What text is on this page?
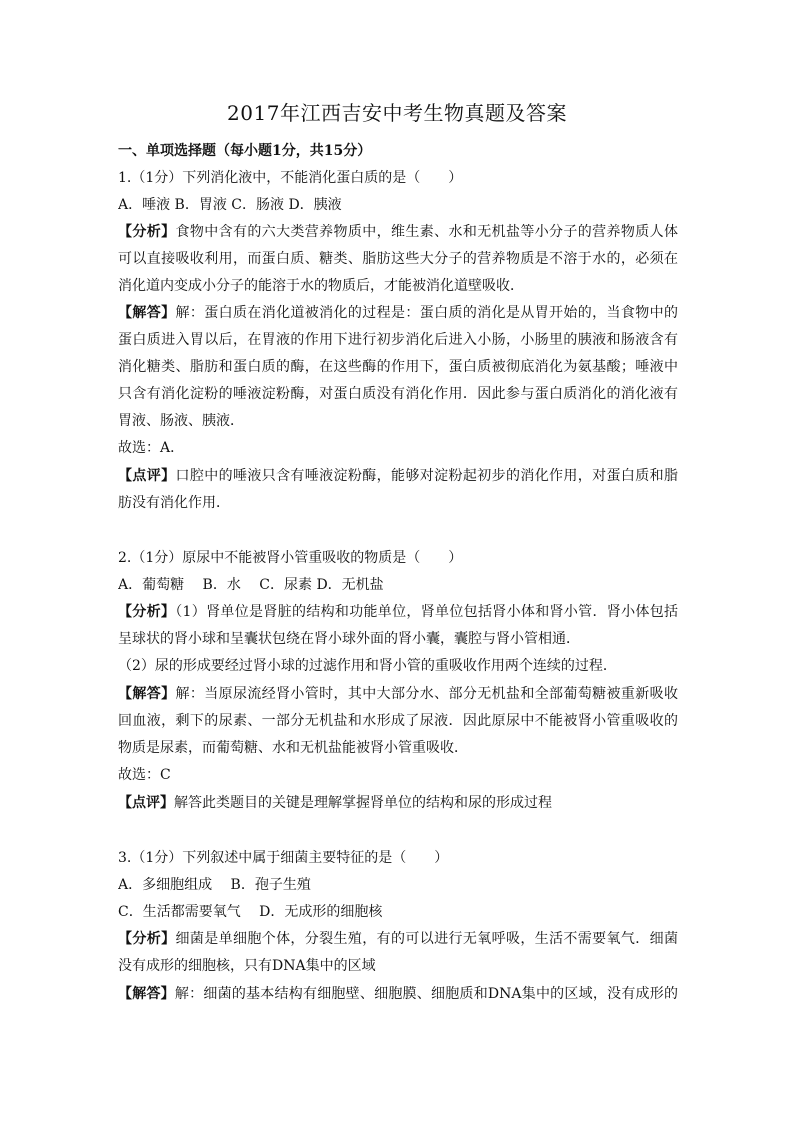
2017年江西吉安中考生物真题及答案
一、单项选择题（每小题1分，共15分）
1.（1分）下列消化液中，不能消化蛋白质的是（　　）
A．唾液 B．胃液 C．肠液 D．胰液
【分析】食物中含有的六大类营养物质中，维生素、水和无机盐等小分子的营养物质人体
可以直接吸收利用，而蛋白质、糖类、脂肪这些大分子的营养物质是不溶于水的，必须在
消化道内变成小分子的能溶于水的物质后，才能被消化道壁吸收．
【解答】解：蛋白质在消化道被消化的过程是：蛋白质的消化是从胃开始的，当食物中的
蛋白质进入胃以后，在胃液的作用下进行初步消化后进入小肠，小肠里的胰液和肠液含有
消化糖类、脂肪和蛋白质的酶，在这些酶的作用下，蛋白质被彻底消化为氨基酸；唾液中
只含有消化淀粉的唾液淀粉酶，对蛋白质没有消化作用．因此参与蛋白质消化的消化液有
胃液、肠液、胰液．
故选：A．
【点评】口腔中的唾液只含有唾液淀粉酶，能够对淀粉起初步的消化作用，对蛋白质和脂
肪没有消化作用．
2.（1分）原尿中不能被肾小管重吸收的物质是（　　）
A．葡萄糖　 B．水　 C．尿素 D．无机盐
【分析】（1）肾单位是肾脏的结构和功能单位，肾单位包括肾小体和肾小管．肾小体包括
呈球状的肾小球和呈囊状包绕在肾小球外面的肾小囊，囊腔与肾小管相通．
（2）尿的形成要经过肾小球的过滤作用和肾小管的重吸收作用两个连续的过程．
【解答】解：当原尿流经肾小管时，其中大部分水、部分无机盐和全部葡萄糖被重新吸收
回血液，剩下的尿素、一部分无机盐和水形成了尿液．因此原尿中不能被肾小管重吸收的
物质是尿素，而葡萄糖、水和无机盐能被肾小管重吸收．
故选：C
【点评】解答此类题目的关键是理解掌握肾单位的结构和尿的形成过程
3.（1分）下列叙述中属于细菌主要特征的是（　　）
A．多细胞组成　 B．孢子生殖
C．生活都需要氧气　 D．无成形的细胞核
【分析】细菌是单细胞个体，分裂生殖，有的可以进行无氧呼吸，生活不需要氧气．细菌
没有成形的细胞核，只有DNA集中的区域
【解答】解：细菌的基本结构有细胞壁、细胞膜、细胞质和DNA集中的区域，没有成形的
